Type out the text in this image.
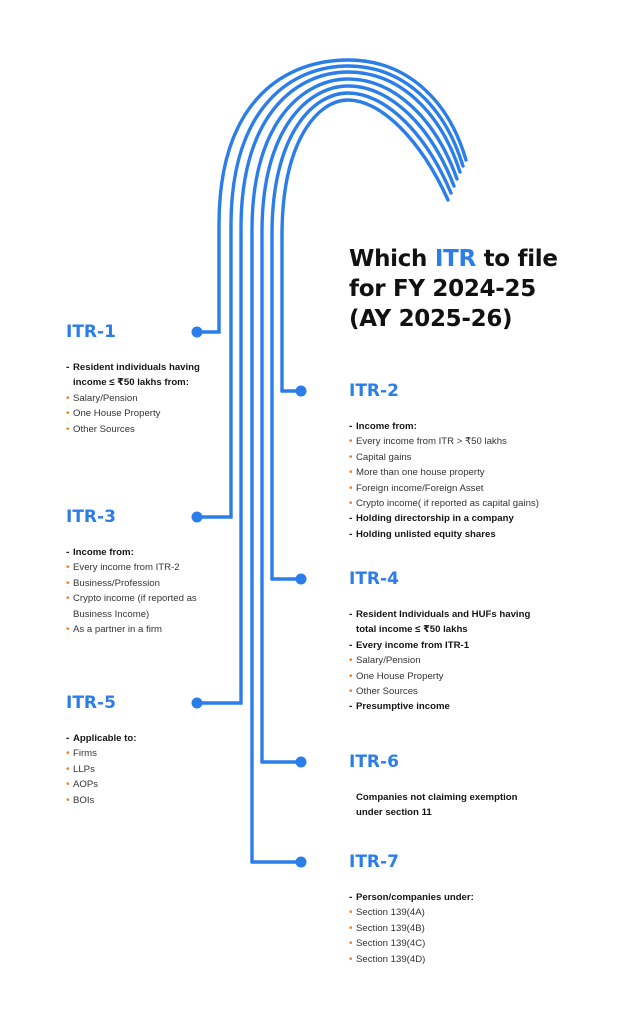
Which ITR to file
for FY 2024-25
(AY 2025-26)
ITR-1
- Resident individuals having
income ≤ ₹50 lakhs from:
• Salary/Pension
• One House Property
• Other Sources
ITR-2
- Income from:
• Every income from ITR > ₹50 lakhs
• Capital gains
• More than one house property
• Foreign income/Foreign Asset
• Crypto income( if reported as capital gains)
- Holding directorship in a company
- Holding unlisted equity shares
ITR-3
- Income from:
• Every income from ITR-2
• Business/Profession
• Crypto income (if reported as
Business Income)
• As a partner in a firm
ITR-4
- Resident Individuals and HUFs having
total income ≤ ₹50 lakhs
- Every income from ITR-1
• Salary/Pension
• One House Property
• Other Sources
- Presumptive income
ITR-5
- Applicable to:
• Firms
• LLPs
• AOPs
• BOIs
ITR-6
Companies not claiming exemption
under section 11
ITR-7
- Person/companies under:
• Section 139(4A)
• Section 139(4B)
• Section 139(4C)
• Section 139(4D)
